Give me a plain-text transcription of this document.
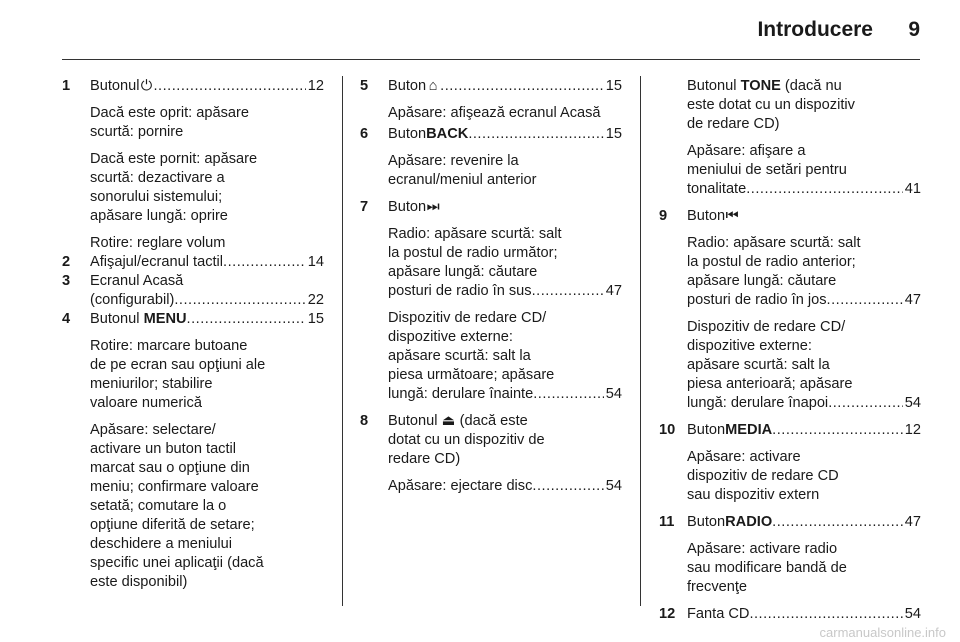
Introducere 9
1 Butonul ⏻ .....	12
Dacă este oprit: apăsare
scurtă: pornire
Dacă este pornit: apăsare
scurtă: dezactivare a
sonorului sistemului;
apăsare lungă: oprire
Rotire: reglare volum
2 Afişajul/ecranul tactil .....	14
3 Ecranul Acasă
(configurabil) .....	22
4 Butonul
MENU .....	15
Rotire: marcare butoane
de pe ecran sau opţiuni ale
meniurilor; stabilire
valoare numerică
Apăsare: selectare/
activare un buton tactil
marcat sau o opţiune din
meniu; confirmare valoare
setată; comutare la o
opţiune diferită de setare;
deschidere a meniului
specific unei aplicaţii (dacă
este disponibil)
5 Buton ⌂ .....	15
Apăsare: afişează ecranul Acasă
6 Buton BACK .....	15
Apăsare: revenire la
ecranul/meniul anterior
7 Buton ⏭
Radio: apăsare scurtă: salt
la postul de radio următor;
apăsare lungă: căutare
posturi de radio în sus .....	47
Dispozitiv de redare CD/
dispozitive externe:
apăsare scurtă: salt la
piesa următoare; apăsare
lungă: derulare înainte .....	54
8 Butonul ⏏ (dacă este
dotat cu un dispozitiv de
redare CD)
Apăsare: ejectare disc .....	54
Butonul TONE (dacă nu
este dotat cu un dispozitiv
de redare CD)
Apăsare: afişare a
meniului de setări pentru
tonalitate .....	41
9 Buton ⏮
Radio: apăsare scurtă: salt
la postul de radio anterior;
apăsare lungă: căutare
posturi de radio în jos .....	47
Dispozitiv de redare CD/
dispozitive externe:
apăsare scurtă: salt la
piesa anterioară; apăsare
lungă: derulare înapoi .....	54
10 Buton MEDIA .....	12
Apăsare: activare
dispozitiv de redare CD
sau dispozitiv extern
11 Buton RADIO .....	47
Apăsare: activare radio
sau modificare bandă de
frecvenţe
12 Fanta CD .....	54
carmanualsonline.info
